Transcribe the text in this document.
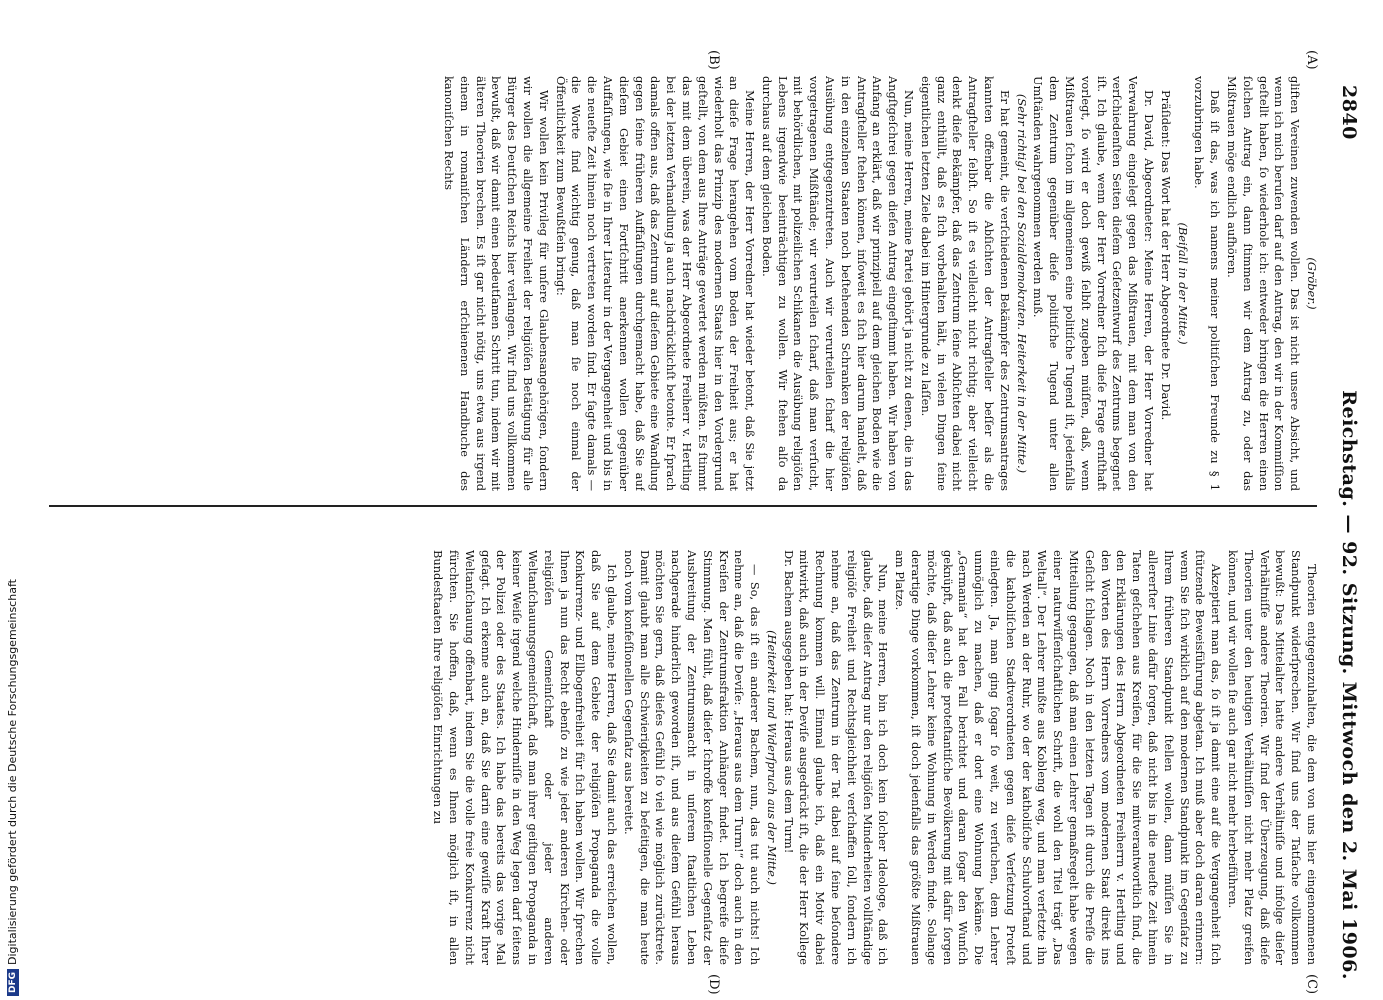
2840
Reichstag. — 92. Sitzung.
Mittwoch den 2. Mai 1906.
(A)
(B)
(C)
(D)

(Gröber.)

gliften Vereinen zuwenden wollen. Das ist nicht unsere Absicht, und wenn ich mich beruſen darf auf den Antrag, den wir in der Kommiſſion geſtellt haben, ſo wiederhole ich: entweder bringen die Herren einen ſolchen Antrag ein, dann ſtimmen wir dem Antrag zu, oder das Mißtrauen möge endlich aufhören.

Daß iſt das, was ich namens meiner politiſchen Freunde zu § 1 vorzubringen habe.

(Beifall in der Mitte.)

Präſident: Das Wort hat der Herr Abgeordnete Dr. David.

Dr. David, Abgeordneter: Meine Herren, der Herr Vorredner hat Verwahrung eingelegt gegen das Mißtrauen, mit dem man von den verſchiedenſten Seiten dieſem Geſetzentwurf des Zentrums begegnet iſt. Ich glaube, wenn der Herr Vorredner ſich dieſe Frage ernſthaft vorlegt, ſo wird er doch gewiß ſelbſt zugeben müſſen, daß, wenn Mißtrauen ſchon im allgemeinen eine politiſche Tugend iſt, jedenfalls dem Zentrum gegenüber dieſe politiſche Tugend unter allen Umſtänden wahrgenommen werden muß.

(Sehr richtig! bei den Sozialdemokraten. Heiterkeit in der Mitte.)

Er hat gemeint, die verſchiedenen Bekämpfer des Zentrumsantrages kannten offenbar die Abſichten der Antragſteller beſſer als die Antragſteller ſelbſt. So iſt es vielleicht nicht richtig; aber vielleicht denkt dieſe Bekämpfer, daß das Zentrum ſeine Abſichten dabei nicht ganz enthüllt, daß es ſich vorbehalten hält, in vielen Dingen ſeine eigentlichen letzten Ziele dabei im Hintergrunde zu laſſen.

Nun, meine Herren, meine Partei gehört ja nicht zu denen, die in das Angſtgeſchrei gegen dieſen Antrag eingeſtimmt haben. Wir haben von Anfang an erklärt, daß wir prinzipiell auf dem gleichen Boden wie die Antragſteller ſtehen können, inſoweit es ſich hier darum handelt, daß in den einzelnen Staaten noch beſtehenden Schranken der religiöſen Ausübung entgegenzutreten. Auch wir verurteilen ſcharf die hier vorgetragenen Mißſtände; wir verurteilen ſcharf, daß man verſucht, mit behördlichen, mit polizeilichen Schikanen die Ausübung religiöſen Lebens irgendwie beeinträchtigen zu wollen. Wir ſtehen alſo da durchaus auf dem gleichen Boden.

Meine Herren, der Herr Vorredner hat wieder betont, daß Sie jetzt an dieſe Frage herangehen vom Boden der Freiheit aus; er hat wiederholt das Prinzip des modernen Staats hier in den Vordergrund geſtellt, von dem aus Ihre Anträge gewertet werden müßten. Es ſtimmt das mit dem überein, was der Herr Abgeordnete Freiherr v. Hertling bei der letzten Verhandlung ja auch nachdrücklichſt betonte. Er ſprach damals offen aus, daß das Zentrum auf dieſem Gebiete eine Wandlung gegen ſeine früheren Auffaſſungen durchgemacht habe, daß Sie auf dieſem Gebiet einen Fortſchritt anerkennen wollen gegenüber Auffaſſungen, wie ſie in Ihrer Literatur in der Vergangenheit und bis in die neueſte Zeit hinein noch vertreten worden ſind. Er ſagte damals — die Worte ſind wichtig genug, daß man ſie noch einmal der Öffentlichkeit zum Bewußtſein bringt:

Wir wollen kein Privileg für unſere Glaubensangehörigen, ſondern wir wollen die allgemeine Freiheit der religiöſen Betätigung für alle Bürger des Deutſchen Reichs hier verlangen. Wir ſind uns vollkommen bewußt, daß wir damit einen bedeutſamen Schritt tun, indem wir mit älteren Theorien brechen. Es iſt gar nicht nötig, uns etwa aus irgend einem in romaniſchen Ländern erſchienenen Handbuche des kanoniſchen Rechts

Theorien entgegenzuhalten, die dem von uns hier eingenommenen Standpunkt widerſprechen. Wir ſind uns der Tatſache vollkommen bewußt: Das Mittelalter hatte andere Verhältniſſe und infolge dieſer Verhältniſſe andere Theorien. Wir ſind der Überzeugung, daß dieſe Theorien unter den heutigen Verhältniſſen nicht mehr Platz greifen können, und wir wollen ſie auch gar nicht mehr herbeiführen.

Akzeptiert man das, ſo iſt ja damit eine auf die Vergangenheit ſich ſtützende Beweisführung abgetan. Ich muß aber doch daran erinnern: wenn Sie ſich wirklich auf den modernen Standpunkt im Gegenſatz zu Ihrem früheren Standpunkt ſtellen wollen, dann müſſen Sie in allererſter Linie dafür ſorgen, daß nicht bis in die neueſte Zeit hinein Taten geſchehen aus Kreiſen, für die Sie mitverantwortlich ſind, die den Erklärungen des Herrn Abgeordneten Freiherrn v. Hertling und den Worten des Herrn Vorredners vom modernen Staat direkt ins Geſicht ſchlagen. Noch in den letzten Tagen iſt durch die Preſſe die Mitteilung gegangen, daß man einen Lehrer gemaßregelt habe wegen einer naturwiſſenſchaftlichen Schrift, die wohl den Titel trägt „Das Weltall“. Der Lehrer mußte aus Kobleng weg, und man verſetzte ihn nach Werden an der Ruhr, wo der der katholiſche Schulvorſtand und die katholiſchen Stadtverordneten gegen dieſe Verſetzung Proteſt einlegten. Ja, man ging ſogar ſo weit, zu verſuchen, dem Lehrer unmöglich zu machen, daß er dort eine Wohnung bekäme. Die „Germania“ hat den Fall berichtet und daran ſogar den Wunſch geknüpft, daß auch die proteſtantiſche Bevölkerung mit dafür ſorgen möchte, daß dieſer Lehrer keine Wohnung in Werden finde. Solange derartige Dinge vorkommen, iſt doch jedenfalls das größte Mißtrauen am Platze.

Nun, meine Herren, bin ich doch kein ſolcher Ideologe, daß ich glaube, daß dieſer Antrag nur den religiöſen Minderheiten vollſtändige religiöſe Freiheit und Rechtsgleichheit verſchaffen ſoll, ſondern ich nehme an, daß das Zentrum in der Tat dabei auf ſeine beſondere Rechnung kommen will. Einmal glaube ich, daß ein Motiv dabei mitwirkt, daß auch in der Deviſe ausgedrückt iſt, die der Herr Kollege Dr. Bachem ausgegeben hat: Heraus aus dem Turm!

(Heiterkeit und Widerſpruch aus der Mitte.)

— So, das iſt ein anderer Bachem, nun, das tut auch nichts! Ich nehme an, daß die Deviſe: „Heraus aus dem Turm!“ doch auch in den Kreiſen der Zentrumsfraktion Anhänger findet. Ich begreife dieſe Stimmung. Man fühlt, daß dieſer ſchroffe konfeſſionelle Gegenſatz der Ausbreitung der Zentrumsmacht in unſerem ſtaatlichen Leben nachgerade hinderlich geworden iſt, und aus dieſem Gefühl heraus möchten Sie gern, daß dieſes Gefühl ſo viel wie möglich zurücktrete. Damit glaubt man alle Schwierigkeiten zu beſeitigen, die man heute noch vom konfeſſionellen Gegenſatz aus bereitet.

Ich glaube, meine Herren, daß Sie damit auch das erreichen wollen, daß Sie auf dem Gebiete der religiöſen Propaganda die volle Konkurrenz- und Ellbogenfreiheit für ſich haben wollen. Wir ſprechen Ihnen ja nun das Recht ebenſo zu wie jeder anderen Kirchen- oder religiöſen Gemeinſchaft oder jeder anderen Weltanſchauungsgemeinſchaft, daß man ihrer geiſtigen Propaganda in keiner Weiſe irgend welche Hinderniſſe in den Weg legen darf ſeitens der Polizei oder des Staates. Ich habe das bereits das vorige Mal geſagt. Ich erkenne auch an, daß Sie darin eine gewiſſe Kraft Ihrer Weltanſchauung offenbart, indem Sie die volle freie Konkurrenz nicht fürchten. Sie hoffen, daß, wenn es Ihnen möglich iſt, in allen Bundesſtaaten Ihre religiöſen Einrichtungen zu

DFGDigitalisierung gefördert durch die Deutsche Forschungsgemeinschaft
